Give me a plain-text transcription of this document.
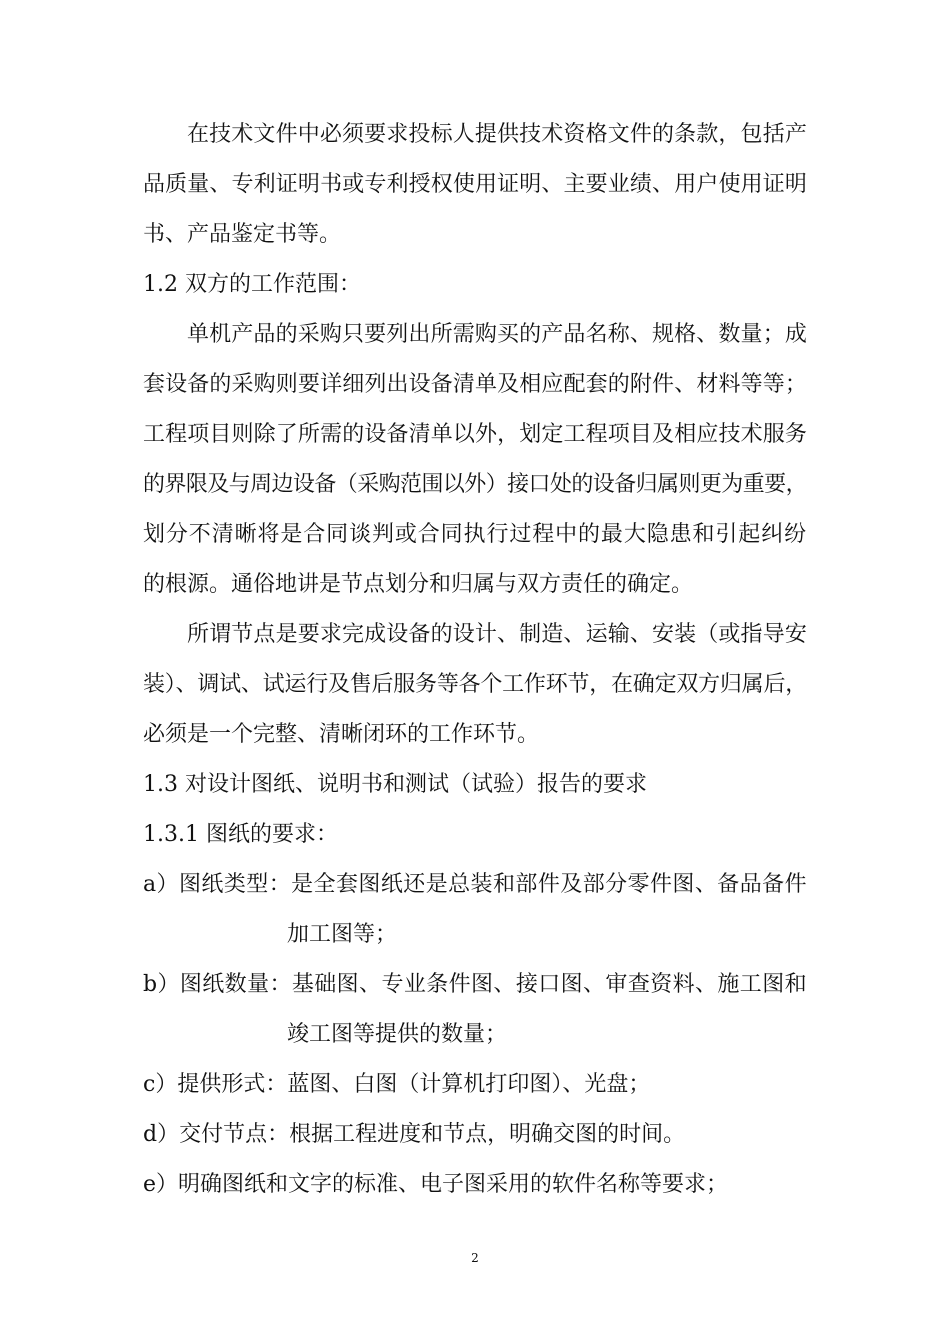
在技术文件中必须要求投标人提供技术资格文件的条款，包括产
品质量、专利证明书或专利授权使用证明、主要业绩、用户使用证明
书、产品鉴定书等。
1.2 双方的工作范围：
单机产品的采购只要列出所需购买的产品名称、规格、数量；成
套设备的采购则要详细列出设备清单及相应配套的附件、材料等等；
工程项目则除了所需的设备清单以外，划定工程项目及相应技术服务
的界限及与周边设备（采购范围以外）接口处的设备归属则更为重要，
划分不清晰将是合同谈判或合同执行过程中的最大隐患和引起纠纷
的根源。通俗地讲是节点划分和归属与双方责任的确定。
所谓节点是要求完成设备的设计、制造、运输、安装（或指导安
装）、调试、试运行及售后服务等各个工作环节，在确定双方归属后，
必须是一个完整、清晰闭环的工作环节。
1.3 对设计图纸、说明书和测试（试验）报告的要求
1.3.1 图纸的要求：
a）图纸类型：是全套图纸还是总装和部件及部分零件图、备品备件
加工图等；
b）图纸数量：基础图、专业条件图、接口图、审查资料、施工图和
竣工图等提供的数量；
c）提供形式：蓝图、白图（计算机打印图）、光盘；
d）交付节点：根据工程进度和节点，明确交图的时间。
e）明确图纸和文字的标准、电子图采用的软件名称等要求；
2
